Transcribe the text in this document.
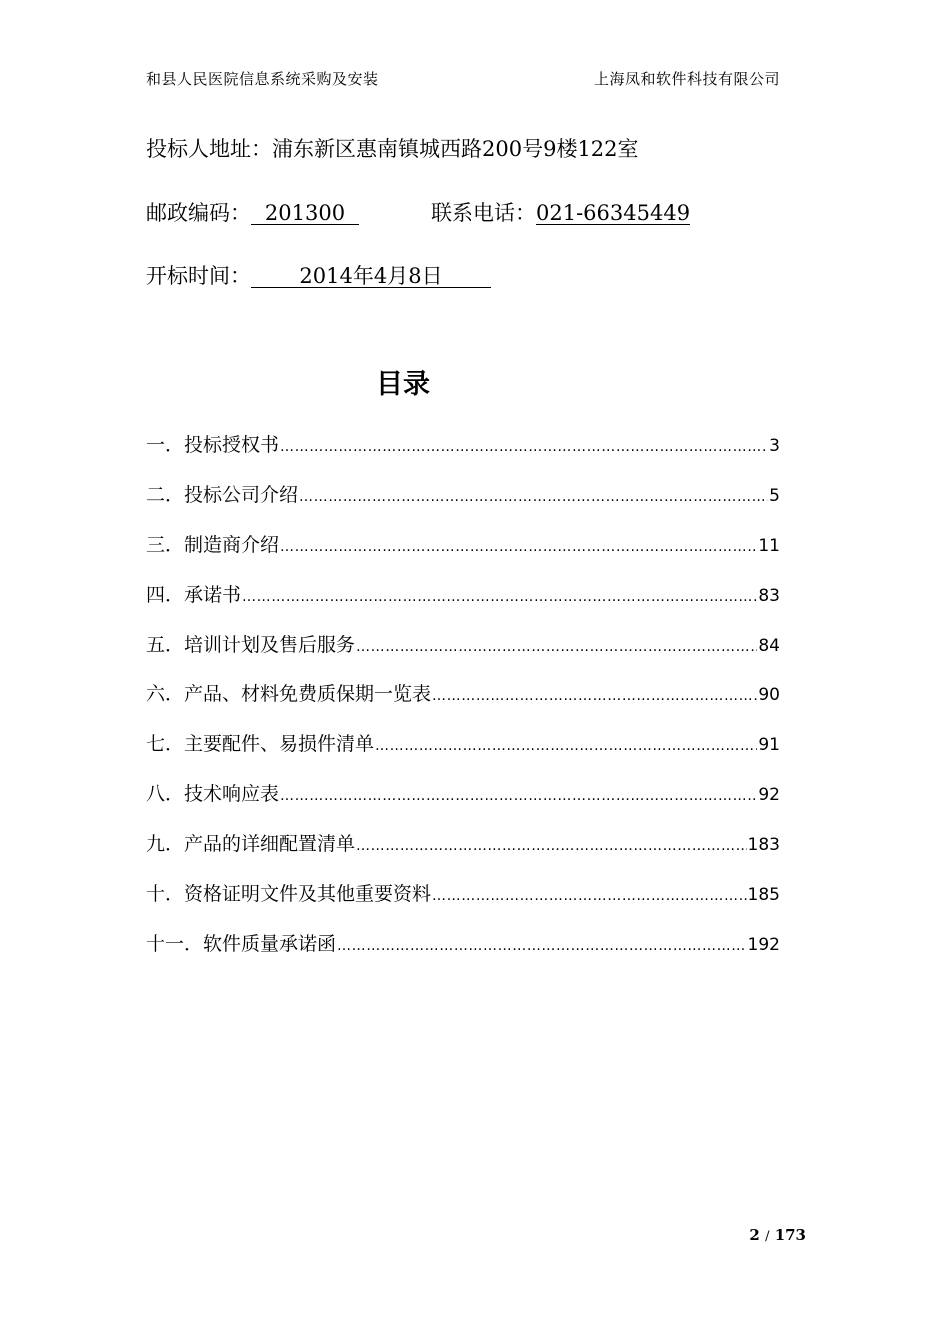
和县人民医院信息系统采购及安装	上海凤和软件科技有限公司
投标人地址：浦东新区惠南镇城西路200号9楼122室
邮政编码： 201300	联系电话：021-66345449
开标时间： 2014年4月8日
目录
一．投标授权书 ……………………………………………………………………………………………………………………………………………………………	3
二．投标公司介绍 ……………………………………………………………………………………………………………………………………………………………	5
三．制造商介绍 ……………………………………………………………………………………………………………………………………………………………	11
四．承诺书 ……………………………………………………………………………………………………………………………………………………………	83
五．培训计划及售后服务 ……………………………………………………………………………………………………………………………………………………………	84
六．产品、材料免费质保期一览表 ……………………………………………………………………………………………………………………………………………………………	90
七．主要配件、易损件清单 ……………………………………………………………………………………………………………………………………………………………	91
八．技术响应表 ……………………………………………………………………………………………………………………………………………………………	92
九．产品的详细配置清单 ……………………………………………………………………………………………………………………………………………………………	183
十．资格证明文件及其他重要资料 ……………………………………………………………………………………………………………………………………………………………	185
十一．软件质量承诺函 ……………………………………………………………………………………………………………………………………………………………	192
2 / 173
